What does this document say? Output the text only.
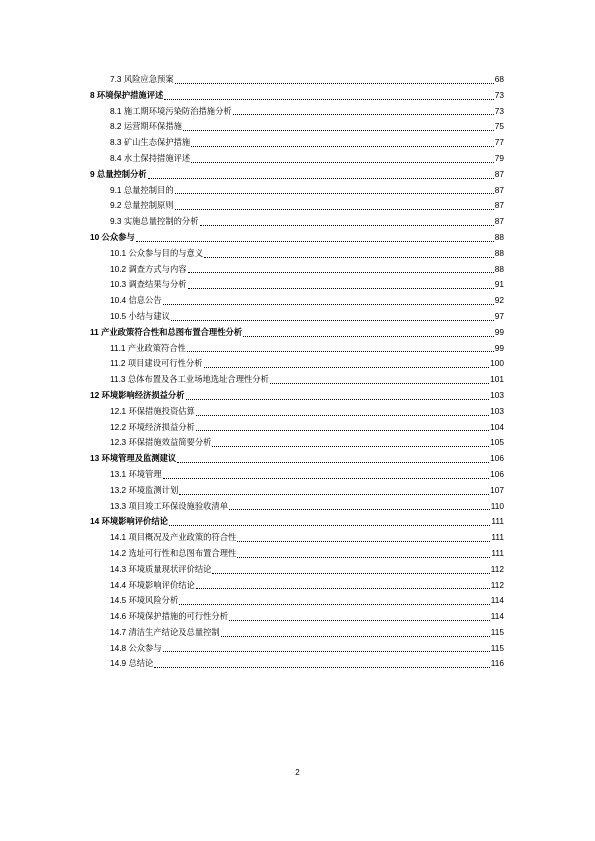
7.3 风险应急预案	68
8 环境保护措施评述	73
8.1 施工期环境污染防治措施分析	73
8.2 运营期环保措施	75
8.3 矿山生态保护措施	77
8.4 水土保持措施评述	79
9 总量控制分析	87
9.1 总量控制目的	87
9.2 总量控制原则	87
9.3 实施总量控制的分析	87
10 公众参与	88
10.1 公众参与目的与意义	88
10.2 调查方式与内容	88
10.3 调查结果与分析	91
10.4 信息公告	92
10.5 小结与建议	97
11 产业政策符合性和总图布置合理性分析	99
11.1 产业政策符合性	99
11.2 项目建设可行性分析	100
11.3 总体布置及各工业场地选址合理性分析	101
12 环境影响经济损益分析	103
12.1 环保措施投资估算	103
12.2 环境经济损益分析	104
12.3 环保措施效益简要分析	105
13 环境管理及监测建议	106
13.1 环境管理	106
13.2 环境监测计划	107
13.3 项目竣工环保设施验收清单	110
14 环境影响评价结论	111
14.1 项目概况及产业政策的符合性	111
14.2 选址可行性和总图布置合理性	111
14.3 环境质量现状评价结论	112
14.4 环境影响评价结论	112
14.5 环境风险分析	114
14.6 环境保护措施的可行性分析	114
14.7 清洁生产结论及总量控制	115
14.8 公众参与	115
14.9 总结论	116
2
